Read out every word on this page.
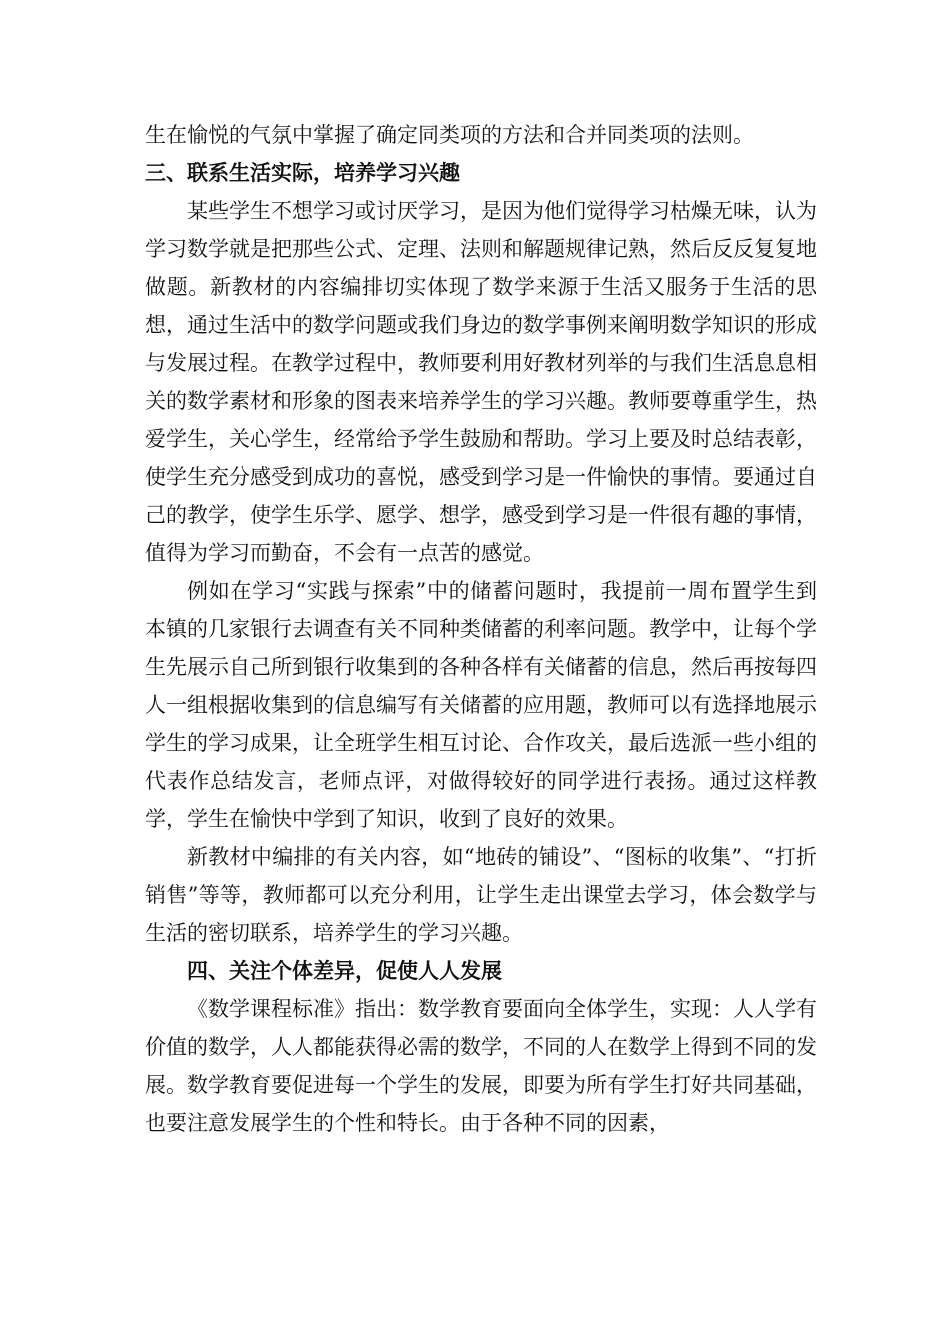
生在愉悦的气氛中掌握了确定同类项的方法和合并同类项的法则。

三、联系生活实际，培养学习兴趣

某些学生不想学习或讨厌学习，是因为他们觉得学习枯燥无味，认为学习数学就是把那些公式、定理、法则和解题规律记熟，然后反反复复地做题。新教材的内容编排切实体现了数学来源于生活又服务于生活的思想，通过生活中的数学问题或我们身边的数学事例来阐明数学知识的形成与发展过程。在教学过程中，教师要利用好教材列举的与我们生活息息相关的数学素材和形象的图表来培养学生的学习兴趣。教师要尊重学生，热爱学生，关心学生，经常给予学生鼓励和帮助。学习上要及时总结表彰，使学生充分感受到成功的喜悦，感受到学习是一件愉快的事情。要通过自己的教学，使学生乐学、愿学、想学，感受到学习是一件很有趣的事情，值得为学习而勤奋，不会有一点苦的感觉。

例如在学习“实践与探索”中的储蓄问题时，我提前一周布置学生到本镇的几家银行去调查有关不同种类储蓄的利率问题。教学中，让每个学生先展示自己所到银行收集到的各种各样有关储蓄的信息，然后再按每四人一组根据收集到的信息编写有关储蓄的应用题，教师可以有选择地展示学生的学习成果，让全班学生相互讨论、合作攻关，最后选派一些小组的代表作总结发言，老师点评，对做得较好的同学进行表扬。通过这样教学，学生在愉快中学到了知识，收到了良好的效果。

新教材中编排的有关内容，如“地砖的铺设”、“图标的收集”、“打折销售”等等，教师都可以充分利用，让学生走出课堂去学习，体会数学与生活的密切联系，培养学生的学习兴趣。

四、关注个体差异，促使人人发展

《数学课程标准》指出：数学教育要面向全体学生，实现：人人学有价值的数学，人人都能获得必需的数学，不同的人在数学上得到不同的发展。数学教育要促进每一个学生的发展，即要为所有学生打好共同基础，也要注意发展学生的个性和特长。由于各种不同的因素，
